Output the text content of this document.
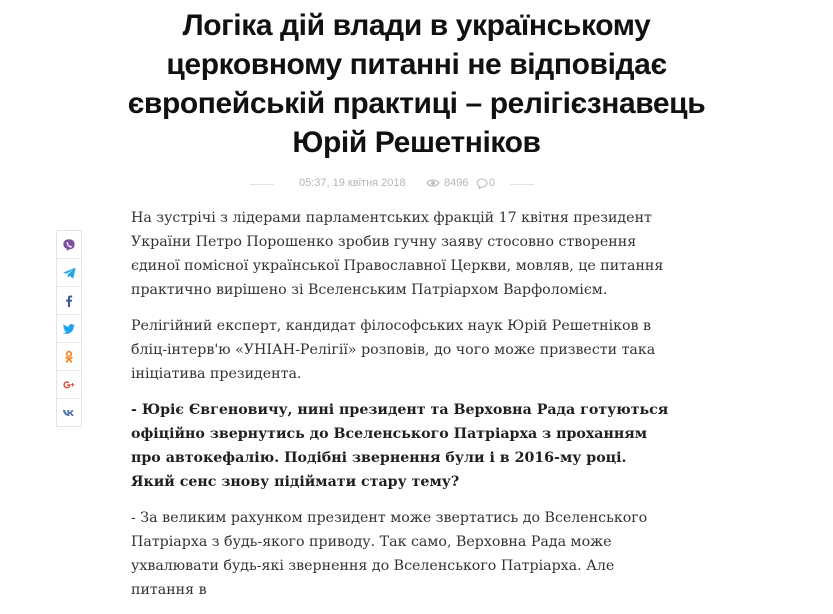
Логіка дій влади в українському церковному питанні не відповідає європейській практиці – релігієзнавець Юрій Решетніков
05:37, 19 квітня 2018	8496 0

На зустрічі з лідерами парламентських фракцій 17 квітня президент України Петро Порошенко зробив гучну заяву стосовно створення єдиної помісної української Православної Церкви, мовляв, це питання практично вирішено зі Вселенським Патріархом Варфоломієм.

Релігійний експерт, кандидат філософських наук Юрій Решетніков в бліц-інтерв'ю «УНІАН-Релігії» розповів, до чого може призвести така ініціатива президента.

- Юріє Євгеновичу, нині президент та Верховна Рада готуються офіційно звернутись до Вселенського Патріарха з проханням про автокефалію. Подібні звернення були і в 2016-му році. Який сенс знову підіймати стару тему?

- За великим рахунком президент може звертатись до Вселенського Патріарха з будь-якого приводу. Так само, Верховна Рада може ухвалювати будь-які звернення до Вселенського Патріарха. Але питання в
